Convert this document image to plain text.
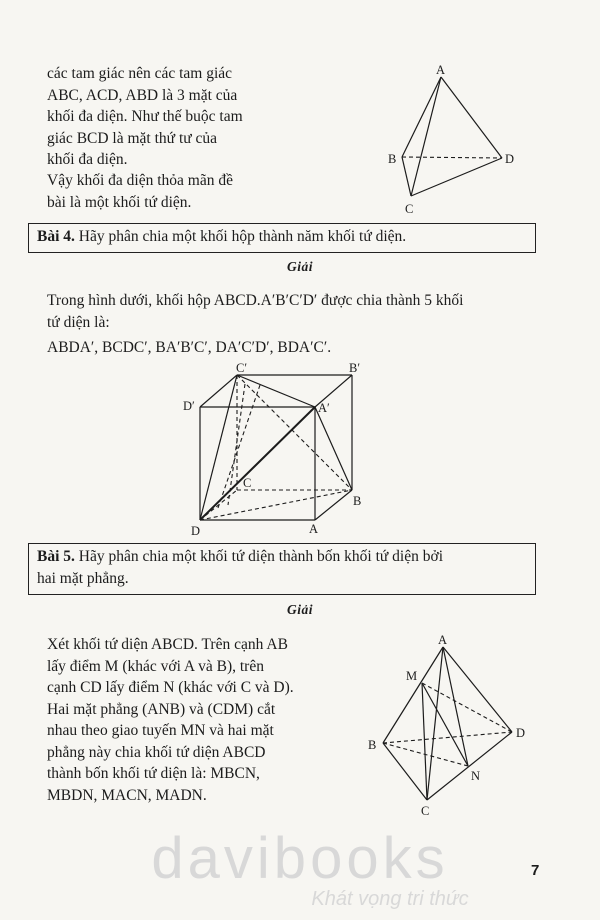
các tam giác nên các tam giác
ABC, ACD, ABD là 3 mặt của
khối đa diện. Như thế buộc tam
giác BCD là mặt thứ tư của
khối đa diện.
Vậy khối đa diện thỏa mãn đề
bài là một khối tứ diện.
A
B
C
D
Bài 4. Hãy phân chia một khối hộp thành năm khối tứ diện.
Giải
Trong hình dưới, khối hộp ABCD.A′B′C′D′ được chia thành 5 khối
tứ diện là:
ABDA′, BCDC′, BA′B′C′, DA′C′D′, BDA′C′.
C′	B′
D′	A′
C
B
D	A
Bài 5. Hãy phân chia một khối tứ diện thành bốn khối tứ diện bởi
hai mặt phẳng.
Giải
Xét khối tứ diện ABCD. Trên cạnh AB
lấy điểm M (khác với A và B), trên
cạnh CD lấy điểm N (khác với C và D).
Hai mặt phẳng (ANB) và (CDM) cắt
nhau theo giao tuyến MN và hai mặt
phẳng này chia khối tứ diện ABCD
thành bốn khối tứ diện là: MBCN,
MBDN, MACN, MADN.
A
M
B
D
N
C
davibooks
Khát vọng tri thức
7
